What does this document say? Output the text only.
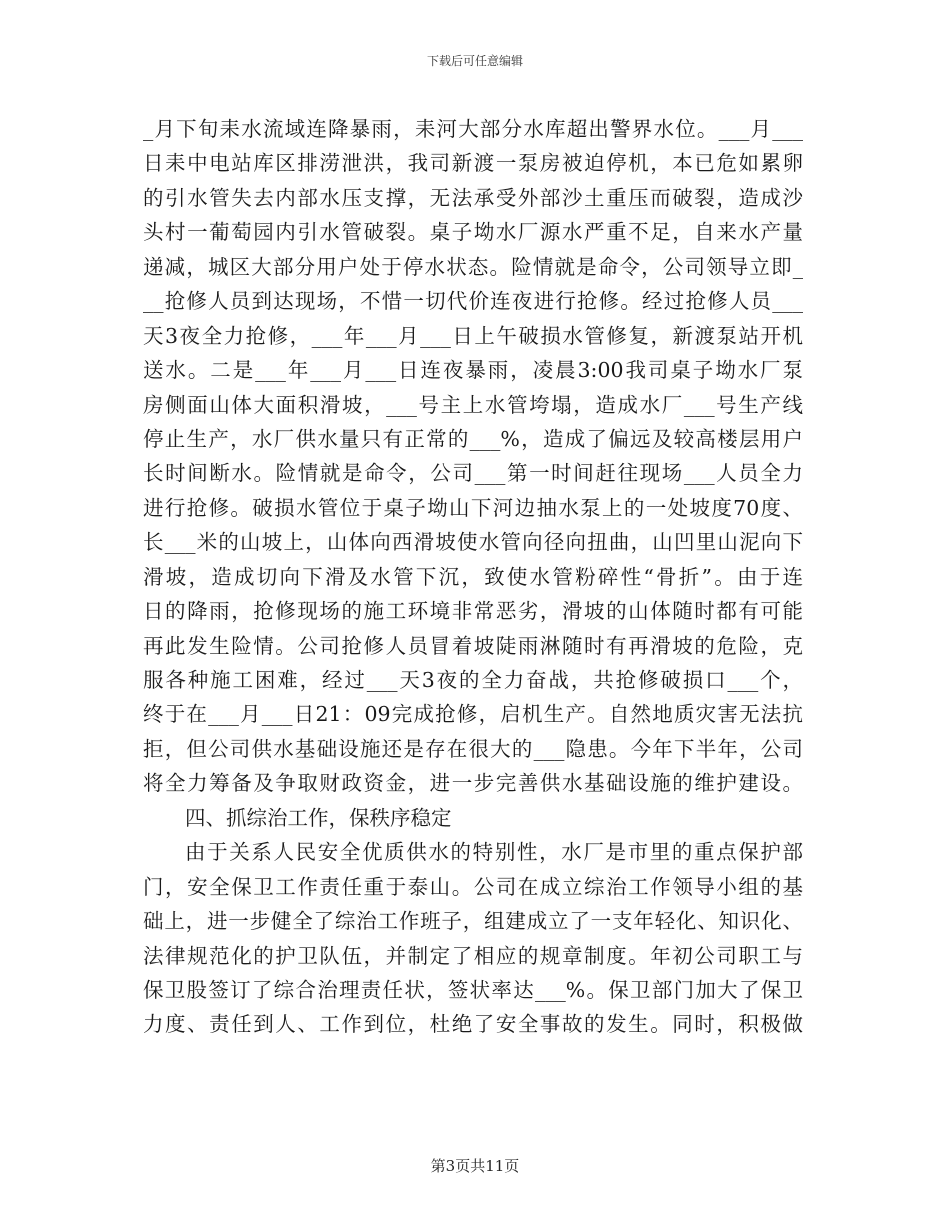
下载后可任意编辑
_月下旬耒水流域连降暴雨，耒河大部分水库超出警界水位。___月___
日耒中电站库区排涝泄洪，我司新渡一泵房被迫停机，本已危如累卵
的引水管失去内部水压支撑，无法承受外部沙土重压而破裂，造成沙
头村一葡萄园内引水管破裂。桌子坳水厂源水严重不足，自来水产量
递减，城区大部分用户处于停水状态。险情就是命令，公司领导立即_
__抢修人员到达现场，不惜一切代价连夜进行抢修。经过抢修人员___
天3夜全力抢修，___年___月___日上午破损水管修复，新渡泵站开机
送水。二是___年___月___日连夜暴雨，凌晨3:00我司桌子坳水厂泵
房侧面山体大面积滑坡，___号主上水管垮塌，造成水厂___号生产线
停止生产，水厂供水量只有正常的___%，造成了偏远及较高楼层用户
长时间断水。险情就是命令，公司___第一时间赶往现场___人员全力
进行抢修。破损水管位于桌子坳山下河边抽水泵上的一处坡度70度、
长___米的山坡上，山体向西滑坡使水管向径向扭曲，山凹里山泥向下
滑坡，造成切向下滑及水管下沉，致使水管粉碎性“骨折”。由于连
日的降雨，抢修现场的施工环境非常恶劣，滑坡的山体随时都有可能
再此发生险情。公司抢修人员冒着坡陡雨淋随时有再滑坡的危险，克
服各种施工困难，经过___天3夜的全力奋战，共抢修破损口___个，
终于在___月___日21：09完成抢修，启机生产。自然地质灾害无法抗
拒，但公司供水基础设施还是存在很大的___隐患。今年下半年，公司
将全力筹备及争取财政资金，进一步完善供水基础设施的维护建设。
四、抓综治工作，保秩序稳定
由于关系人民安全优质供水的特别性，水厂是市里的重点保护部
门，安全保卫工作责任重于泰山。公司在成立综治工作领导小组的基
础上，进一步健全了综治工作班子，组建成立了一支年轻化、知识化、
法律规范化的护卫队伍，并制定了相应的规章制度。年初公司职工与
保卫股签订了综合治理责任状，签状率达___%。保卫部门加大了保卫
力度、责任到人、工作到位，杜绝了安全事故的发生。同时，积极做
第3页共11页
